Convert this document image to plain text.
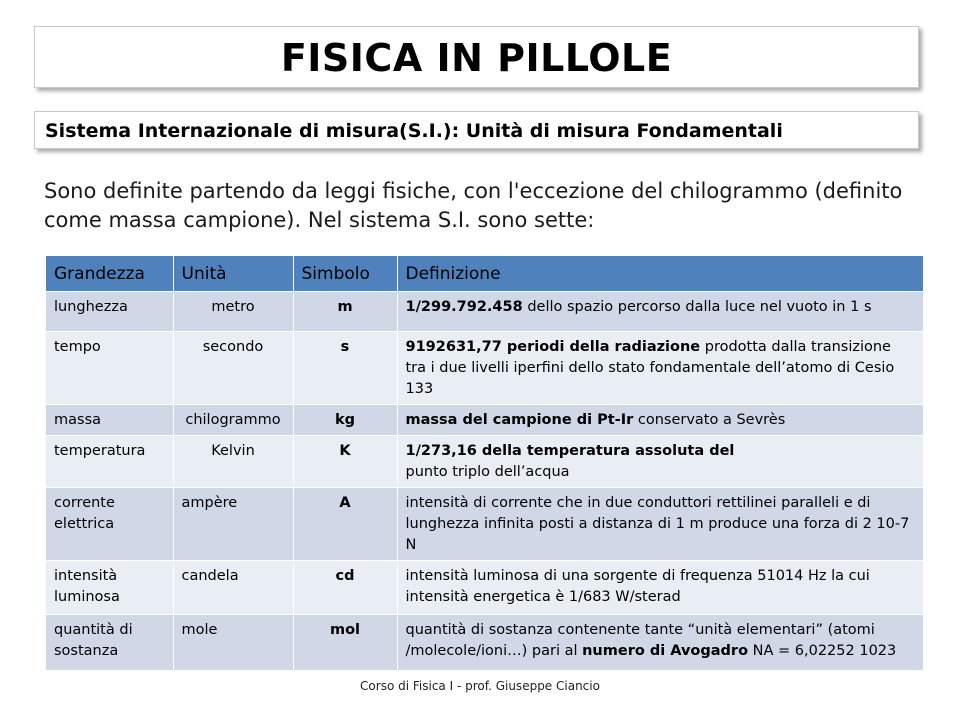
FISICA IN PILLOLE
Sistema Internazionale di misura(S.I.): Unità di misura Fondamentali
Sono definite partendo da leggi fisiche, con l'eccezione del chilogrammo (definito come massa campione). Nel sistema S.I. sono sette:
Grandezza	Unità	Simbolo	Definizione
lunghezza	metro	m	1/299.792.458 dello spazio percorso dalla luce nel vuoto in 1 s
tempo	secondo	s	9192631,77 periodi della radiazione prodotta dalla transizione tra i due livelli iperfini dello stato fondamentale dell’atomo di Cesio 133
massa	chilogrammo	kg	massa del campione di Pt-Ir conservato a Sevrès
temperatura	Kelvin	K	1/273,16 della temperatura assoluta del
punto triplo dell’acqua
corrente elettrica	ampère	A	intensità di corrente che in due conduttori rettilinei paralleli e di lunghezza infinita posti a distanza di 1 m produce una forza di 2 10-7 N
intensità luminosa	candela	cd	intensità luminosa di una sorgente di frequenza 51014 Hz la cui intensità energetica è 1/683 W/sterad
quantità di sostanza	mole	mol	quantità di sostanza contenente tante “unità elementari” (atomi /molecole/ioni…) pari al numero di Avogadro NA = 6,02252 1023
Corso di Fisica I - prof. Giuseppe Ciancio
